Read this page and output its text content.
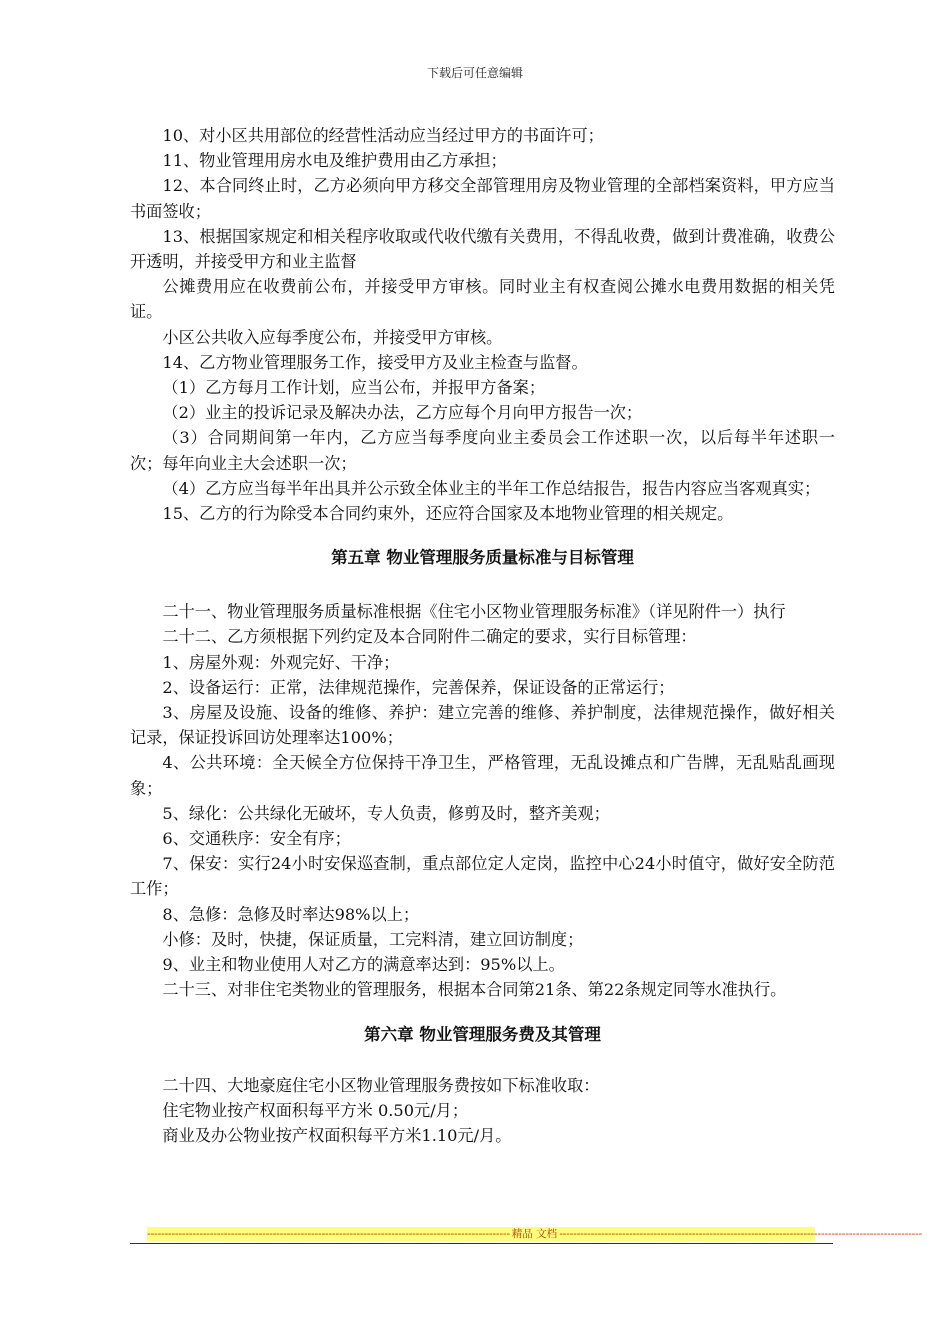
下载后可任意编辑

10、对小区共用部位的经营性活动应当经过甲方的书面许可；

11、物业管理用房水电及维护费用由乙方承担；

12、本合同终止时，乙方必须向甲方移交全部管理用房及物业管理的全部档案资料，甲方应当书面签收；

13、根据国家规定和相关程序收取或代收代缴有关费用，不得乱收费，做到计费准确，收费公开透明，并接受甲方和业主监督

公摊费用应在收费前公布，并接受甲方审核。同时业主有权查阅公摊水电费用数据的相关凭证。

小区公共收入应每季度公布，并接受甲方审核。

14、乙方物业管理服务工作，接受甲方及业主检查与监督。

（1）乙方每月工作计划，应当公布，并报甲方备案；

（2）业主的投诉记录及解决办法，乙方应每个月向甲方报告一次；

（3）合同期间第一年内，乙方应当每季度向业主委员会工作述职一次，以后每半年述职一次；每年向业主大会述职一次；

（4）乙方应当每半年出具并公示致全体业主的半年工作总结报告，报告内容应当客观真实；

15、乙方的行为除受本合同约束外，还应符合国家及本地物业管理的相关规定。

第五章 物业管理服务质量标准与目标管理

二十一、物业管理服务质量标准根据《住宅小区物业管理服务标准》（详见附件一）执行

二十二、乙方须根据下列约定及本合同附件二确定的要求，实行目标管理：

1、房屋外观：外观完好、干净；

2、设备运行：正常，法律规范操作，完善保养，保证设备的正常运行；

3、房屋及设施、设备的维修、养护：建立完善的维修、养护制度，法律规范操作，做好相关记录，保证投诉回访处理率达100%；

4、公共环境：全天候全方位保持干净卫生，严格管理，无乱设摊点和广告牌，无乱贴乱画现象；

5、绿化：公共绿化无破坏，专人负责，修剪及时，整齐美观；

6、交通秩序：安全有序；

7、保安：实行24小时安保巡查制，重点部位定人定岗，监控中心24小时值守，做好安全防范工作；

8、急修：急修及时率达98%以上；

小修：及时，快捷，保证质量，工完料清，建立回访制度；

9、业主和物业使用人对乙方的满意率达到：95%以上。

二十三、对非住宅类物业的管理服务，根据本合同第21条、第22条规定同等水准执行。

第六章 物业管理服务费及其管理

二十四、大地豪庭住宅小区物业管理服务费按如下标准收取：

住宅物业按产权面积每平方米 0.50元/月；

商业及办公物业按产权面积每平方米1.10元/月。

-------------------------------------------------------------------------------------------------------- 精品 文档 --------------------------------------------------------------------------------------------------------
